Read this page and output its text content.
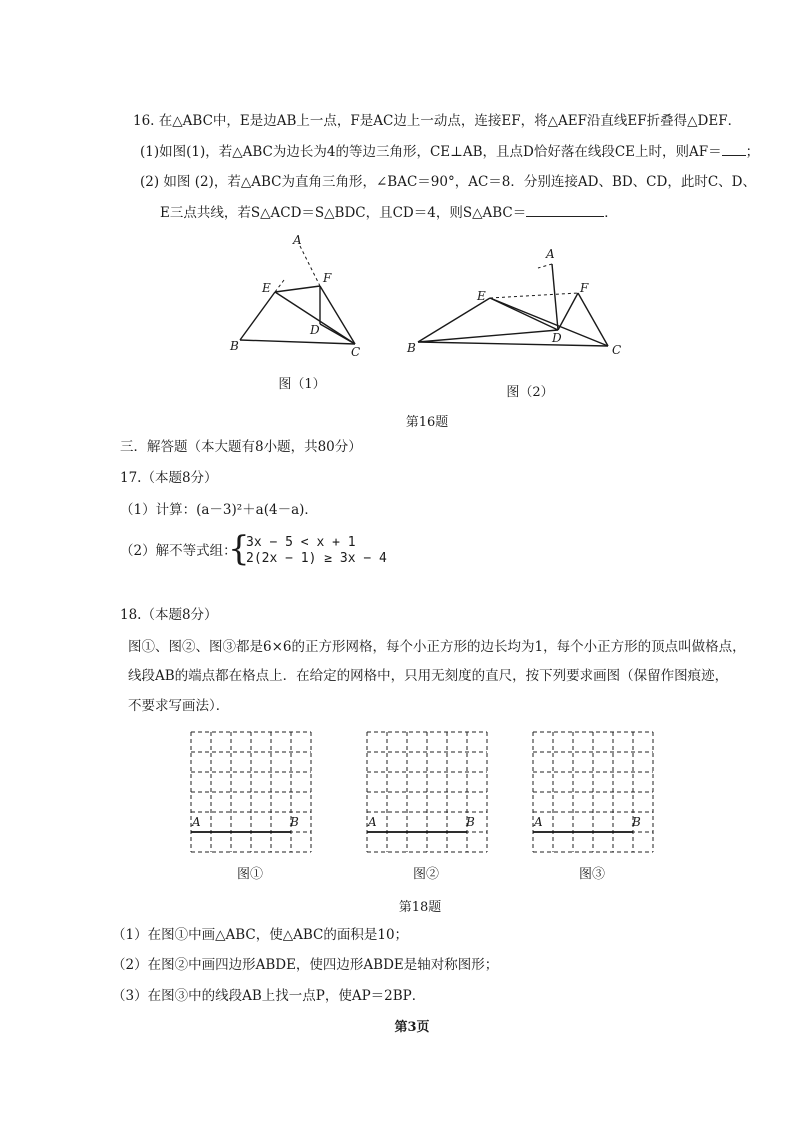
16. 在△ABC中，E是边AB上一点，F是AC边上一动点，连接EF，将△AEF沿直线EF折叠得△DEF．
(1)如图(1)，若△ABC为边长为4的等边三角形，CE⊥AB，且点D恰好落在线段CE上时，则AF＝ ；
(2) 如图 (2)，若△ABC为直角三角形，∠BAC＝90°，AC＝8．分别连接AD、BD、CD，此时C、D、
E三点共线，若S△ACD＝S△BDC，且CD＝4，则S△ABC＝	．
A
E
F
D
B	C
A
E
F
D
B	C
图（1）
图（2）
第16题
三．解答题（本大题有8小题，共80分）
17.（本题8分）
（1）计算：(a－3)²＋a(4－a)．
（2）解不等式组：
{
3x − 5 < x + 1
2(2x − 1) ≥ 3x − 4
18.（本题8分）
图①、图②、图③都是6×6的正方形网格，每个小正方形的边长均为1，每个小正方形的顶点叫做格点，
线段AB的端点都在格点上．在给定的网格中，只用无刻度的直尺，按下列要求画图（保留作图痕迹，
不要求写画法）．
A	B	A	B	A	B
图①	图②	图③
第18题
（1）在图①中画△ABC，使△ABC的面积是10；
（2）在图②中画四边形ABDE，使四边形ABDE是轴对称图形；
（3）在图③中的线段AB上找一点P，使AP＝2BP．
第3页
